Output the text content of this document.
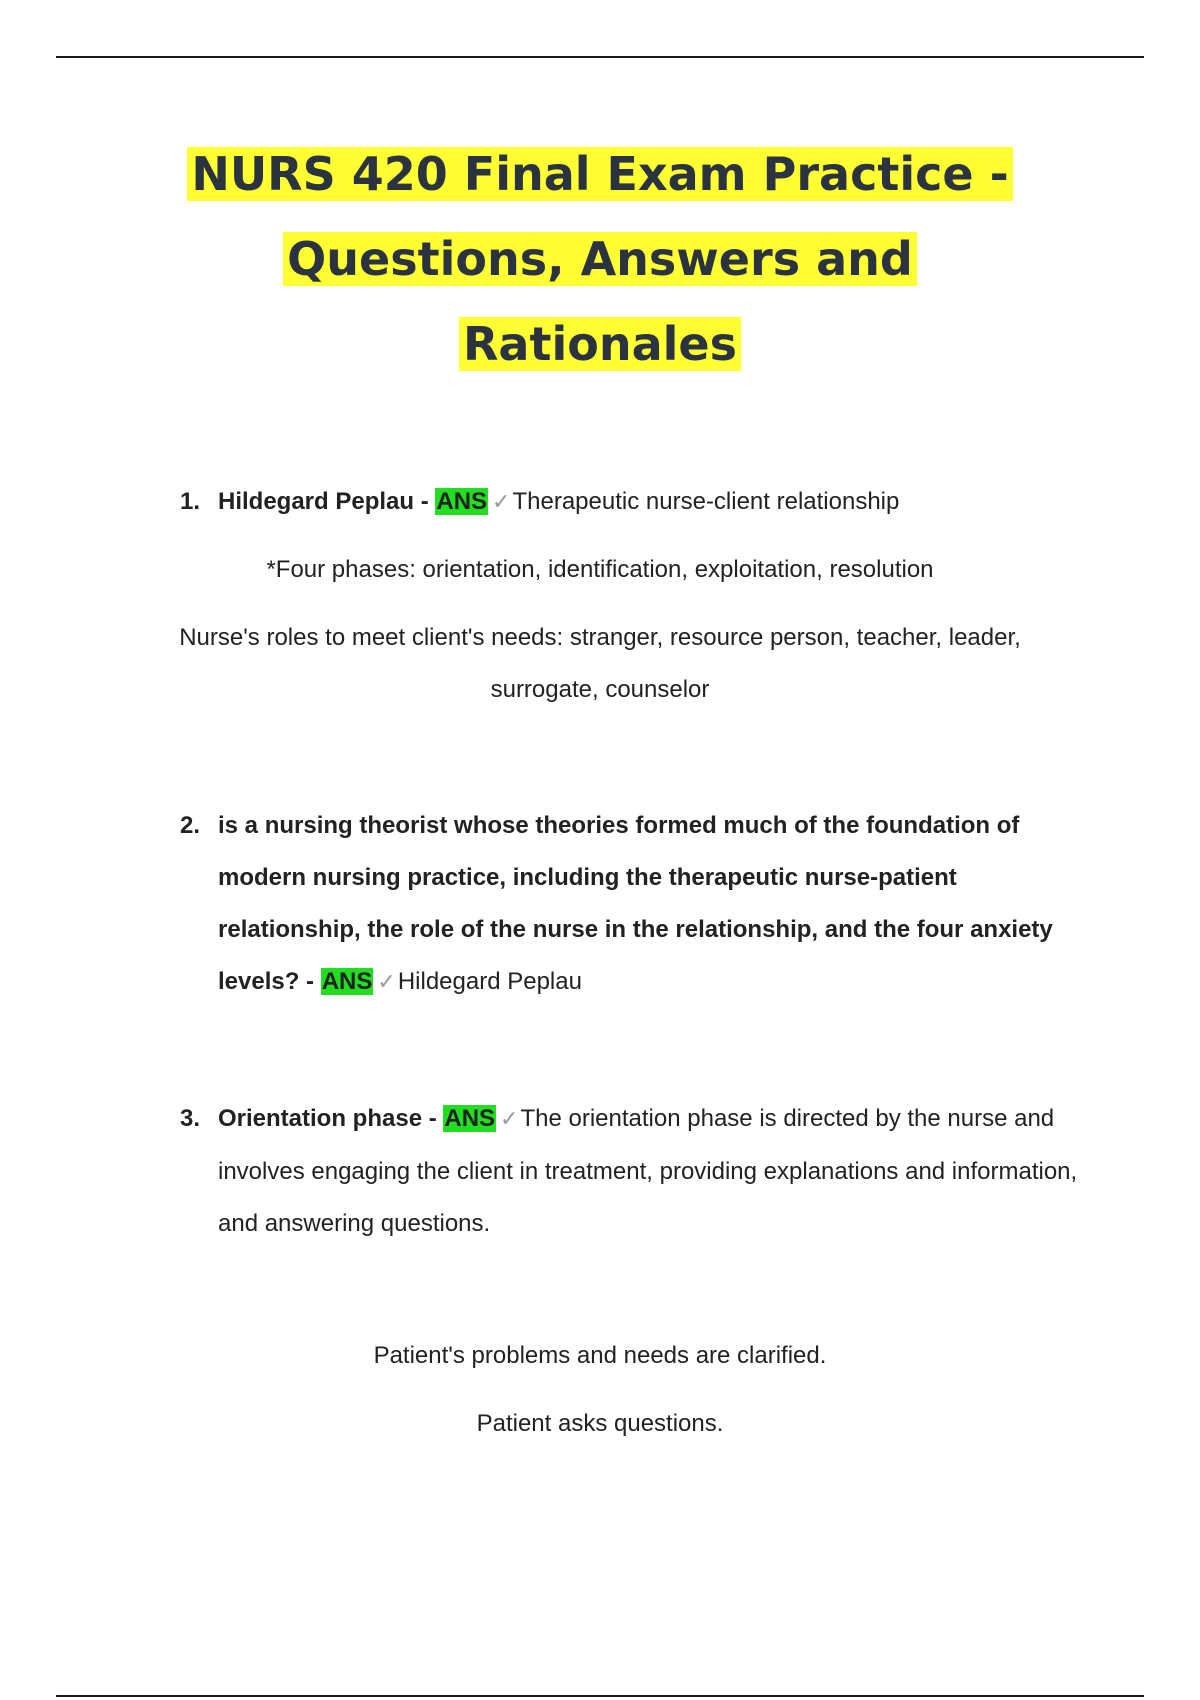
NURS 420 Final Exam Practice -
Questions, Answers and
Rationales
1. Hildegard Peplau - ANS ✓Therapeutic nurse-client relationship
*Four phases: orientation, identification, exploitation, resolution
Nurse's roles to meet client's needs: stranger, resource person, teacher, leader, surrogate, counselor
2. is a nursing theorist whose theories formed much of the foundation of modern nursing practice, including the therapeutic nurse-patient relationship, the role of the nurse in the relationship, and the four anxiety levels? - ANS ✓Hildegard Peplau
3. Orientation phase - ANS ✓The orientation phase is directed by the nurse and involves engaging the client in treatment, providing explanations and information, and answering questions.
Patient's problems and needs are clarified.
Patient asks questions.
